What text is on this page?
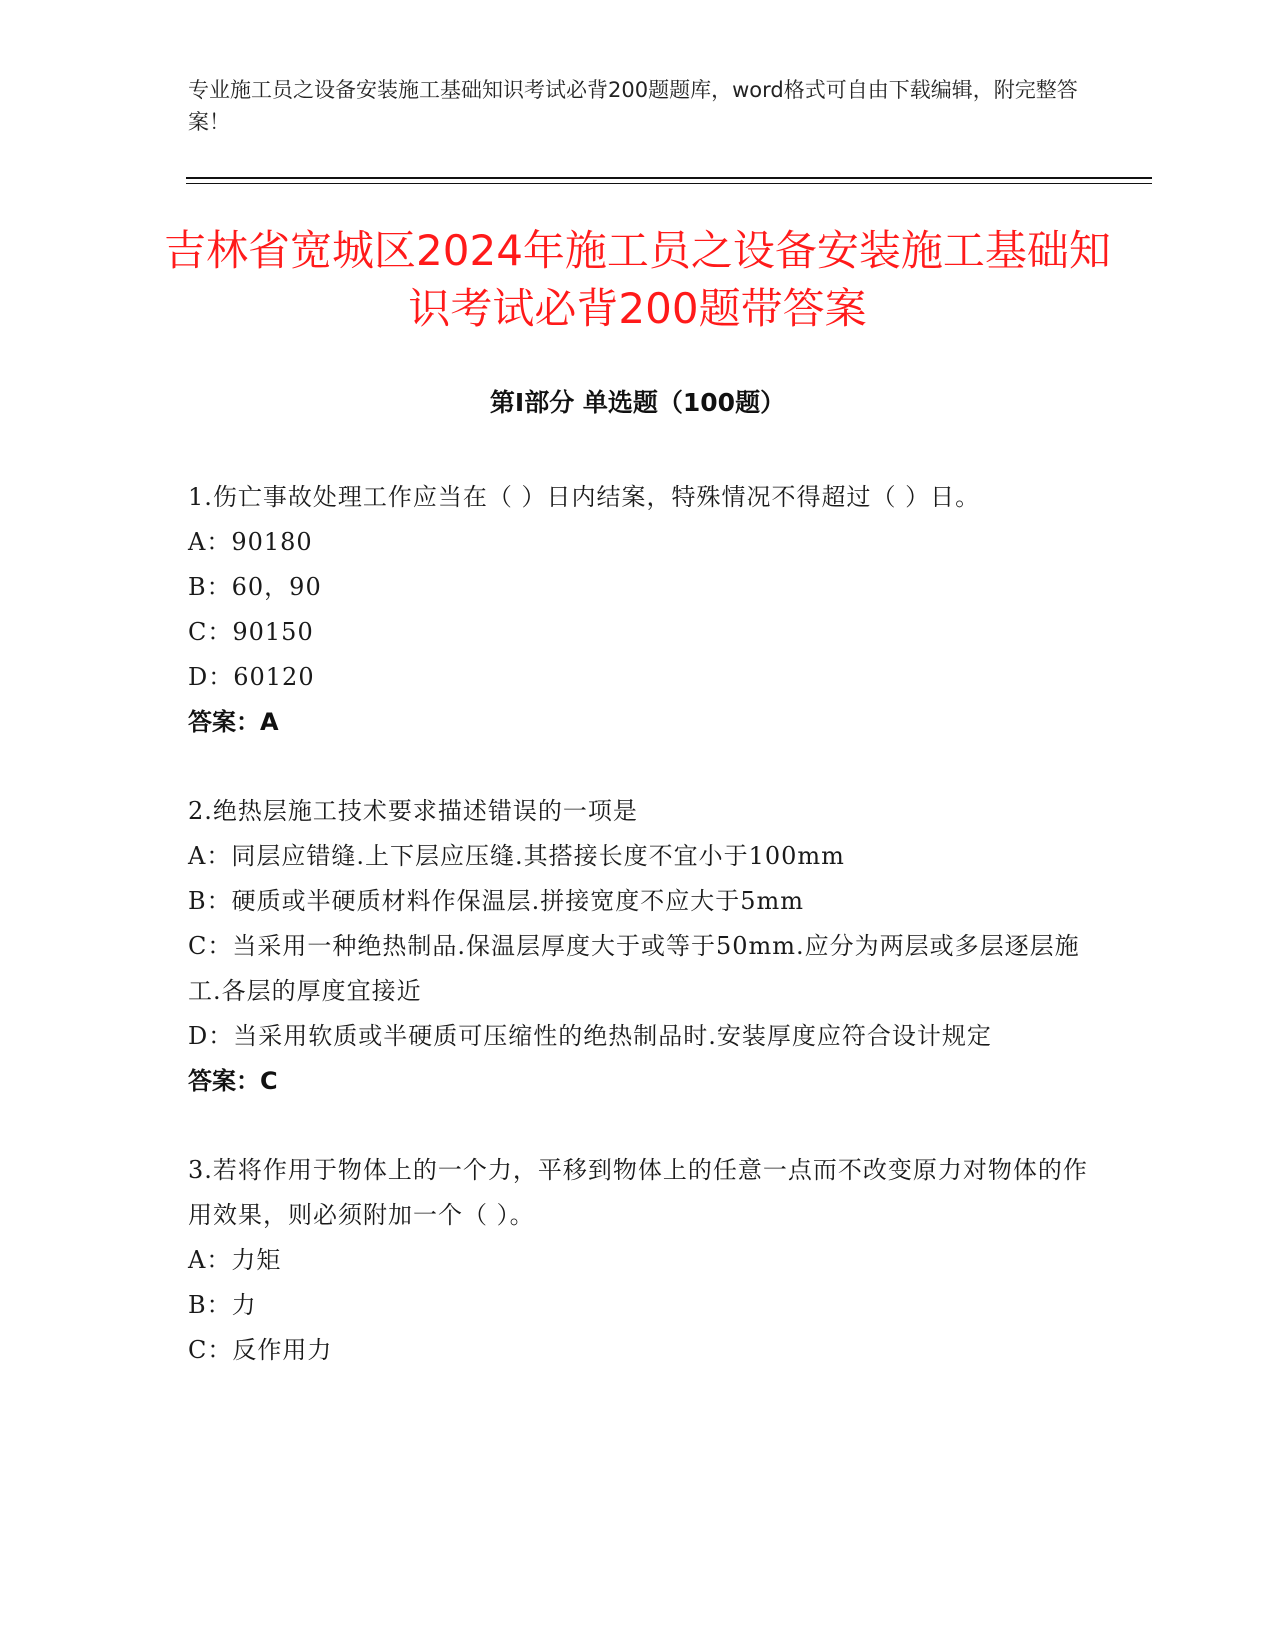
专业施工员之设备安装施工基础知识考试必背200题题库，word格式可自由下载编辑，附完整答案！
吉林省宽城区2024年施工员之设备安装施工基础知识考试必背200题带答案
第Ⅰ部分 单选题（100题）
1.伤亡事故处理工作应当在（ ）日内结案，特殊情况不得超过（ ）日。
A：90180
B：60，90
C：90150
D：60120
答案：A
2.绝热层施工技术要求描述错误的一项是
A：同层应错缝.上下层应压缝.其搭接长度不宜小于100mm
B：硬质或半硬质材料作保温层.拼接宽度不应大于5mm
C：当采用一种绝热制品.保温层厚度大于或等于50mm.应分为两层或多层逐层施工.各层的厚度宜接近
D：当采用软质或半硬质可压缩性的绝热制品时.安装厚度应符合设计规定
答案：C
3.若将作用于物体上的一个力，平移到物体上的任意一点而不改变原力对物体的作用效果，则必须附加一个（ ）。
A：力矩
B：力
C：反作用力
